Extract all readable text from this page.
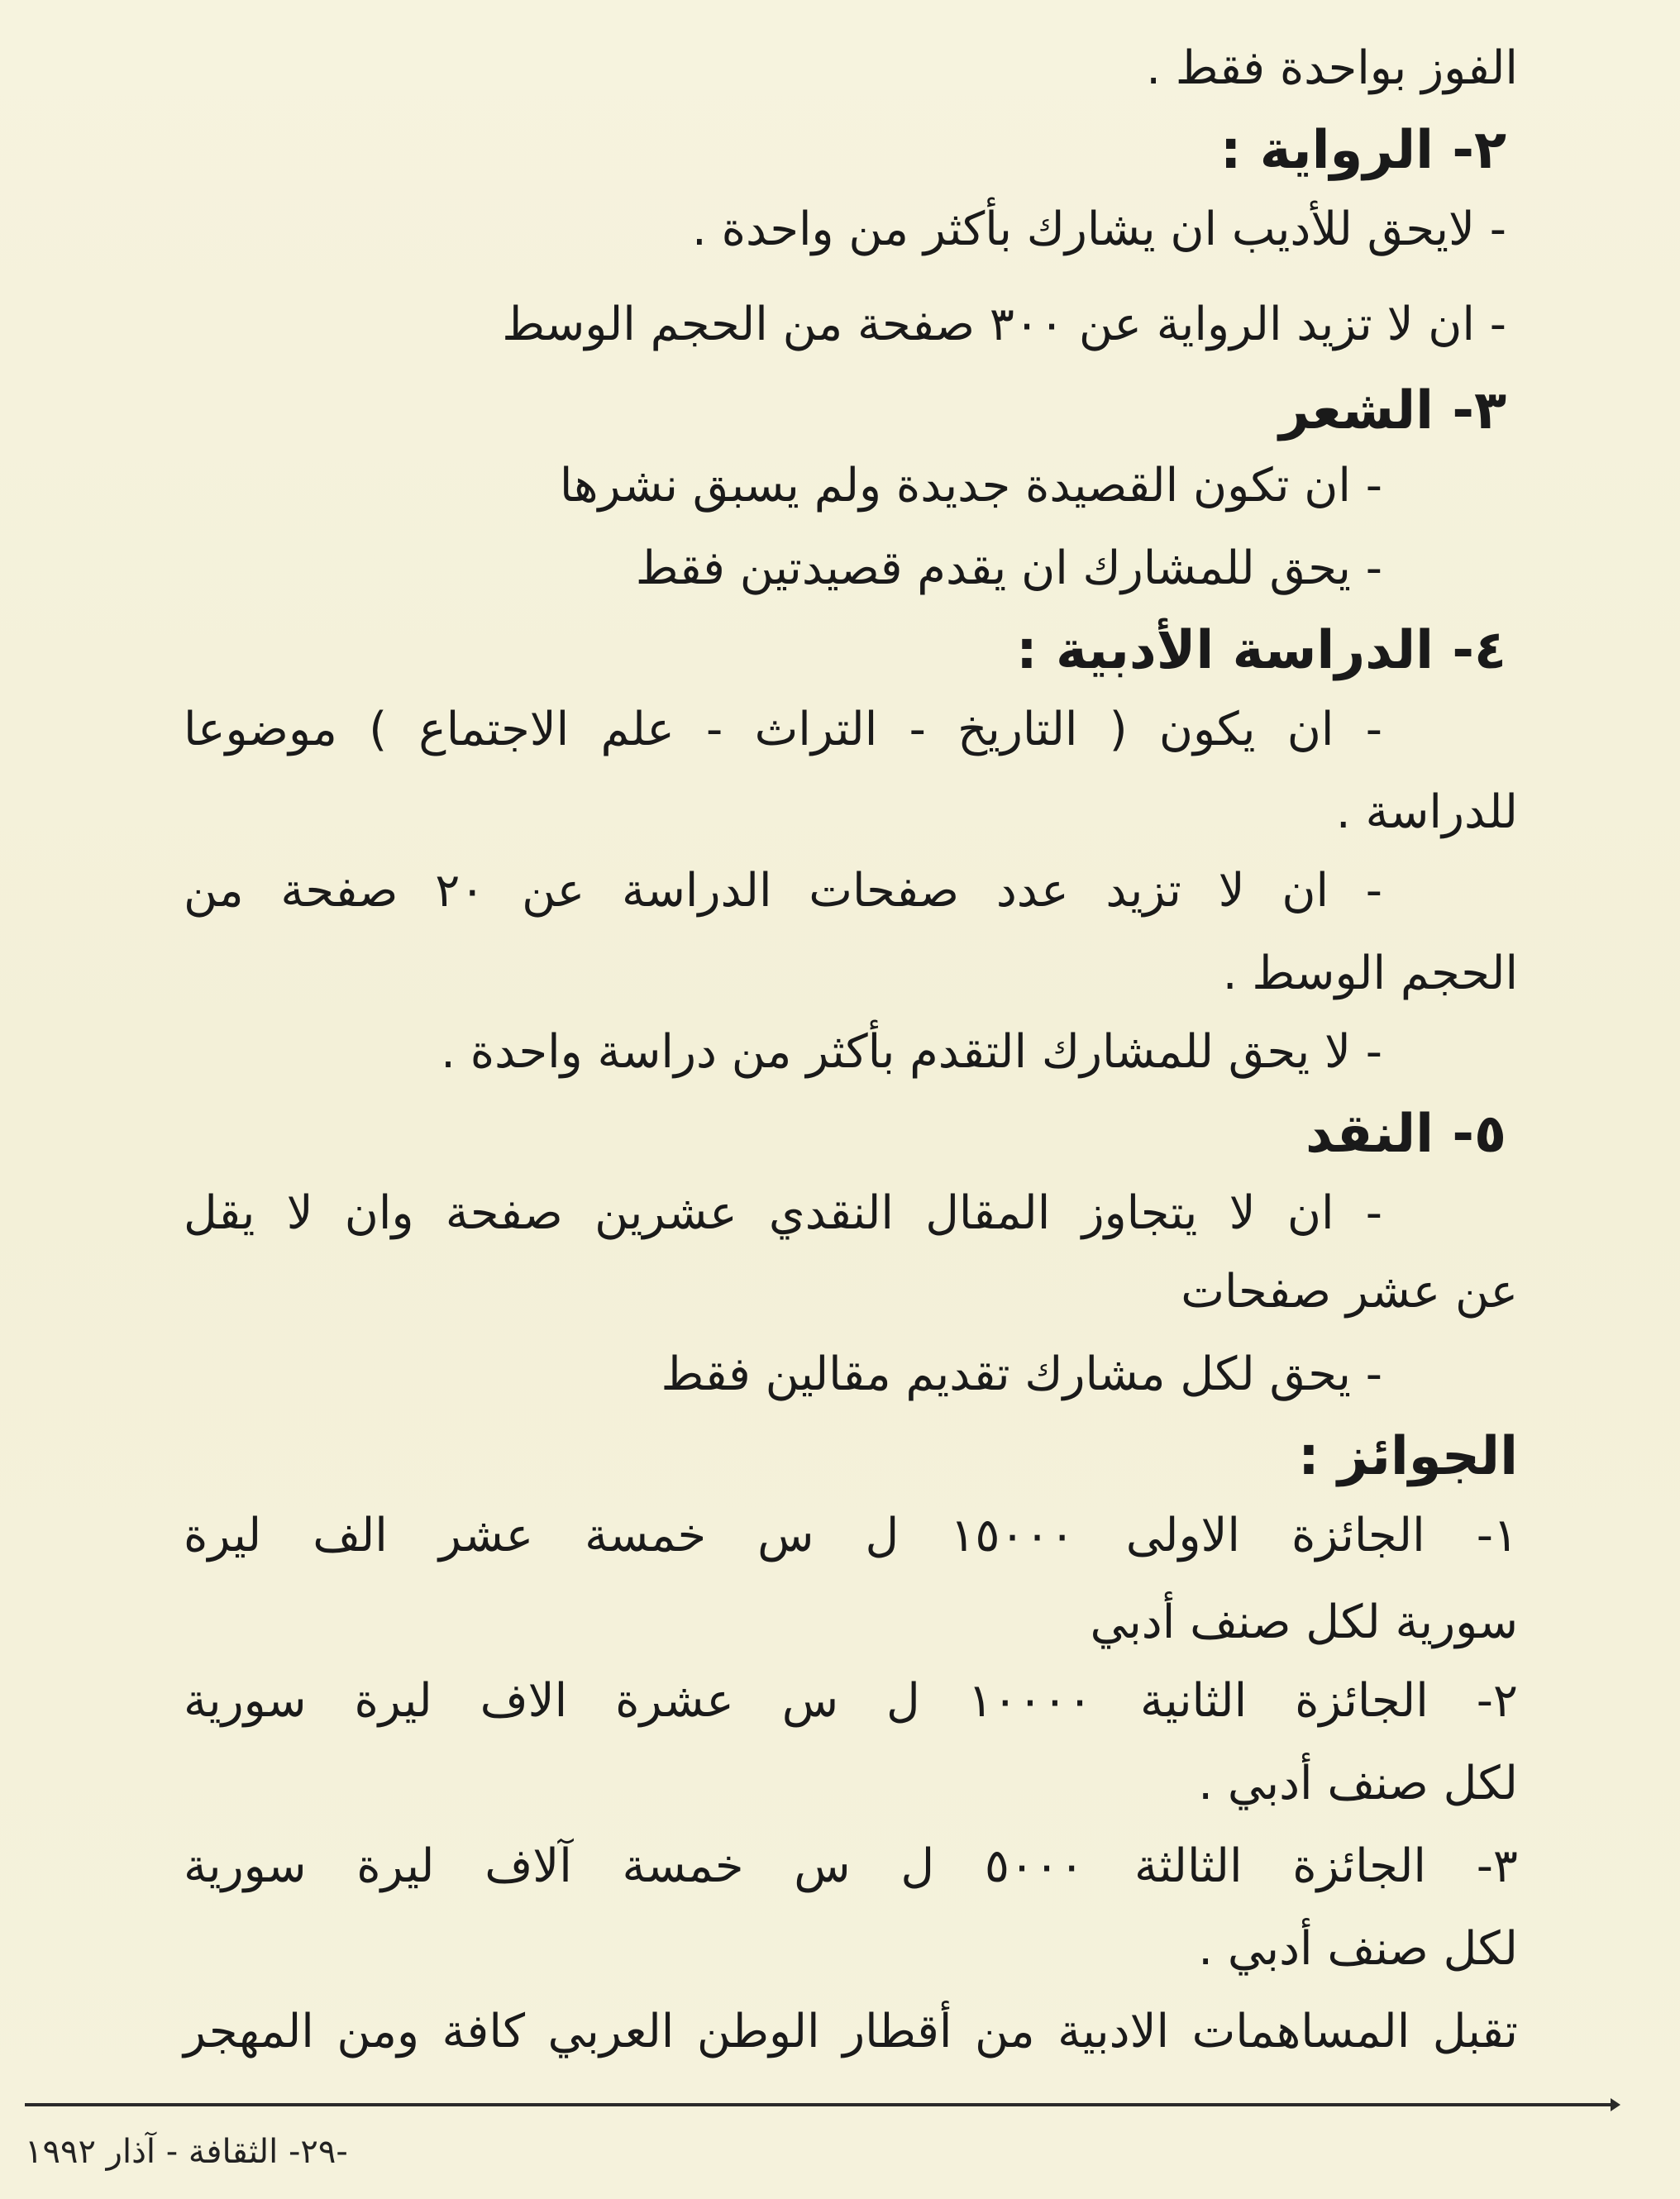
الفوز بواحدة فقط .
٢- الرواية :
- لايحق للأديب ان يشارك بأكثر من واحدة .
- ان لا تزيد الرواية عن ٣٠٠ صفحة من الحجم الوسط
٣- الشعر
- ان تكون القصيدة جديدة ولم يسبق نشرها
- يحق للمشارك ان يقدم قصيدتين فقط
٤- الدراسة الأدبية :
- ان يكون ( التاريخ - التراث - علم الاجتماع ) موضوعا
للدراسة .
- ان لا تزيد عدد صفحات الدراسة عن ٢٠ صفحة من
الحجم الوسط .
- لا يحق للمشارك التقدم بأكثر من دراسة واحدة .
٥- النقد
- ان لا يتجاوز المقال النقدي عشرين صفحة وان لا يقل
عن عشر صفحات
- يحق لكل مشارك تقديم مقالين فقط
الجوائز :
١- الجائزة الاولى ١٥٠٠٠ ل س خمسة عشر الف ليرة
سورية لكل صنف أدبي
٢- الجائزة الثانية ١٠٠٠٠ ل س عشرة الاف ليرة سورية
لكل صنف أدبي .
٣- الجائزة الثالثة ٥٠٠٠ ل س خمسة آلاف ليرة سورية
لكل صنف أدبي .
تقبل المساهمات الادبية من أقطار الوطن العربي كافة ومن المهجر
-٢٩- الثقافة - آذار ١٩٩٢
